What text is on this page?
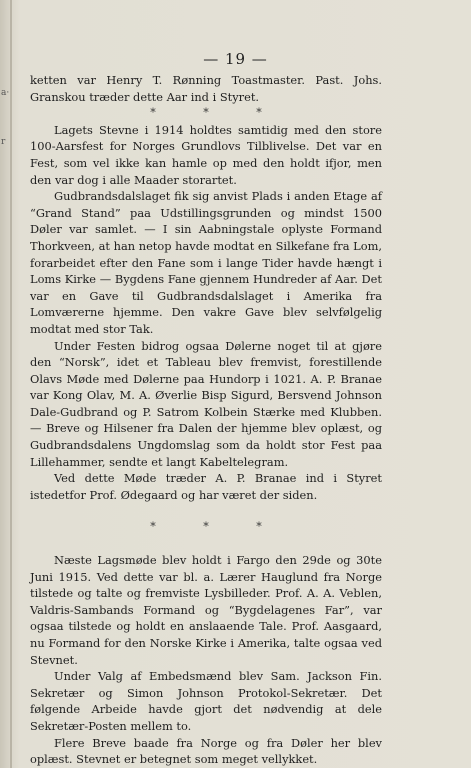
a·
r
— 19 —

ketten var Henry T. Rønning Toastmaster. Past. Johs. Granskou træder dette Aar ind i Styret.

* * *

Lagets Stevne i 1914 holdtes samtidig med den store 100-Aarsfest for Norges Grundlovs Tilblivelse. Det var en Fest, som vel ikke kan hamle op med den holdt ifjor, men den var dog i alle Maader storartet.

Gudbrandsdalslaget fik sig anvist Plads i anden Etage af “Grand Stand” paa Udstillingsgrunden og mindst 1500 Døler var samlet. — I sin Aabningstale oplyste Formand Thorkveen, at han netop havde modtat en Silkefane fra Lom, forarbeidet efter den Fane som i lange Tider havde hængt i Loms Kirke — Bygdens Fane gjennem Hundreder af Aar. Det var en Gave til Gudbrandsdalslaget i Amerika fra Lomværerne hjemme. Den vakre Gave blev selvfølgelig modtat med stor Tak.

Under Festen bidrog ogsaa Dølerne noget til at gjøre den “Norsk”, idet et Tableau blev fremvist, forestillende Olavs Møde med Dølerne paa Hundorp i 1021. A. P. Branae var Kong Olav, M. A. Øverlie Bisp Sigurd, Bersvend Johnson Dale-Gudbrand og P. Satrom Kolbein Stærke med Klubben. — Breve og Hilsener fra Dalen der hjemme blev oplæst, og Gudbrandsdalens Ungdomslag som da holdt stor Fest paa Lillehammer, sendte et langt Kabeltelegram.

Ved dette Møde træder A. P. Branae ind i Styret istedetfor Prof. Ødegaard og har været der siden.

* * *

Næste Lagsmøde blev holdt i Fargo den 29de og 30te Juni 1915. Ved dette var bl. a. Lærer Hauglund fra Norge tilstede og talte og fremviste Lysbilleder. Prof. A. A. Veblen, Valdris-Sambands Formand og “Bygdelagenes Far”, var ogsaa tilstede og holdt en anslaaende Tale. Prof. Aasgaard, nu Formand for den Norske Kirke i Amerika, talte ogsaa ved Stevnet.

Under Valg af Embedsmænd blev Sam. Jackson Fin. Sekretær og Simon Johnson Protokol-Sekretær. Det følgende Arbeide havde gjort det nødvendig at dele Sekretær-Posten mellem to.

Flere Breve baade fra Norge og fra Døler her blev oplæst. Stevnet er betegnet som meget vellykket.
